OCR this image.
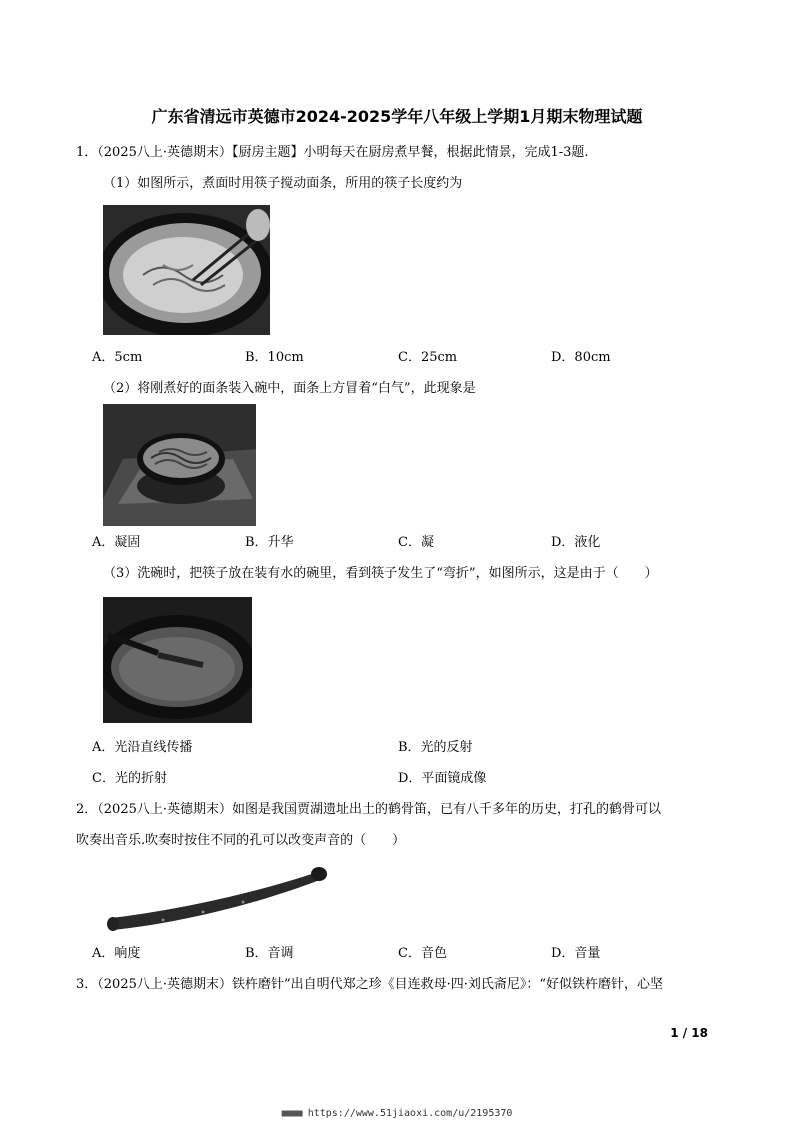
广东省清远市英德市2024-2025学年八年级上学期1月期末物理试题
1．（2025八上·英德期末）【厨房主题】小明每天在厨房煮早餐，根据此情景，完成1-3题.
（1）如图所示，煮面时用筷子搅动面条，所用的筷子长度约为
A．5cm	B．10cm	C．25cm	D．80cm
（2）将刚煮好的面条装入碗中，面条上方冒着“白气”，此现象是
A．凝固	B．升华	C．凝	D．液化
（3）洗碗时，把筷子放在装有水的碗里，看到筷子发生了“弯折”，如图所示，这是由于（　　）
A．光沿直线传播	B．光的反射
C．光的折射	D．平面镜成像
2．（2025八上·英德期末）如图是我国贾湖遗址出土的鹤骨笛，已有八千多年的历史，打孔的鹤骨可以
吹奏出音乐.吹奏时按住不同的孔可以改变声音的（　　）
A．响度	B．音调	C．音色	D．音量
3．（2025八上·英德期末）铁杵磨针”出自明代郑之珍《目连救母·四·刘氏斋尼》：“好似铁杵磨针，心坚
1 / 18
■■■■ https://www.51jiaoxi.com/u/2195370
